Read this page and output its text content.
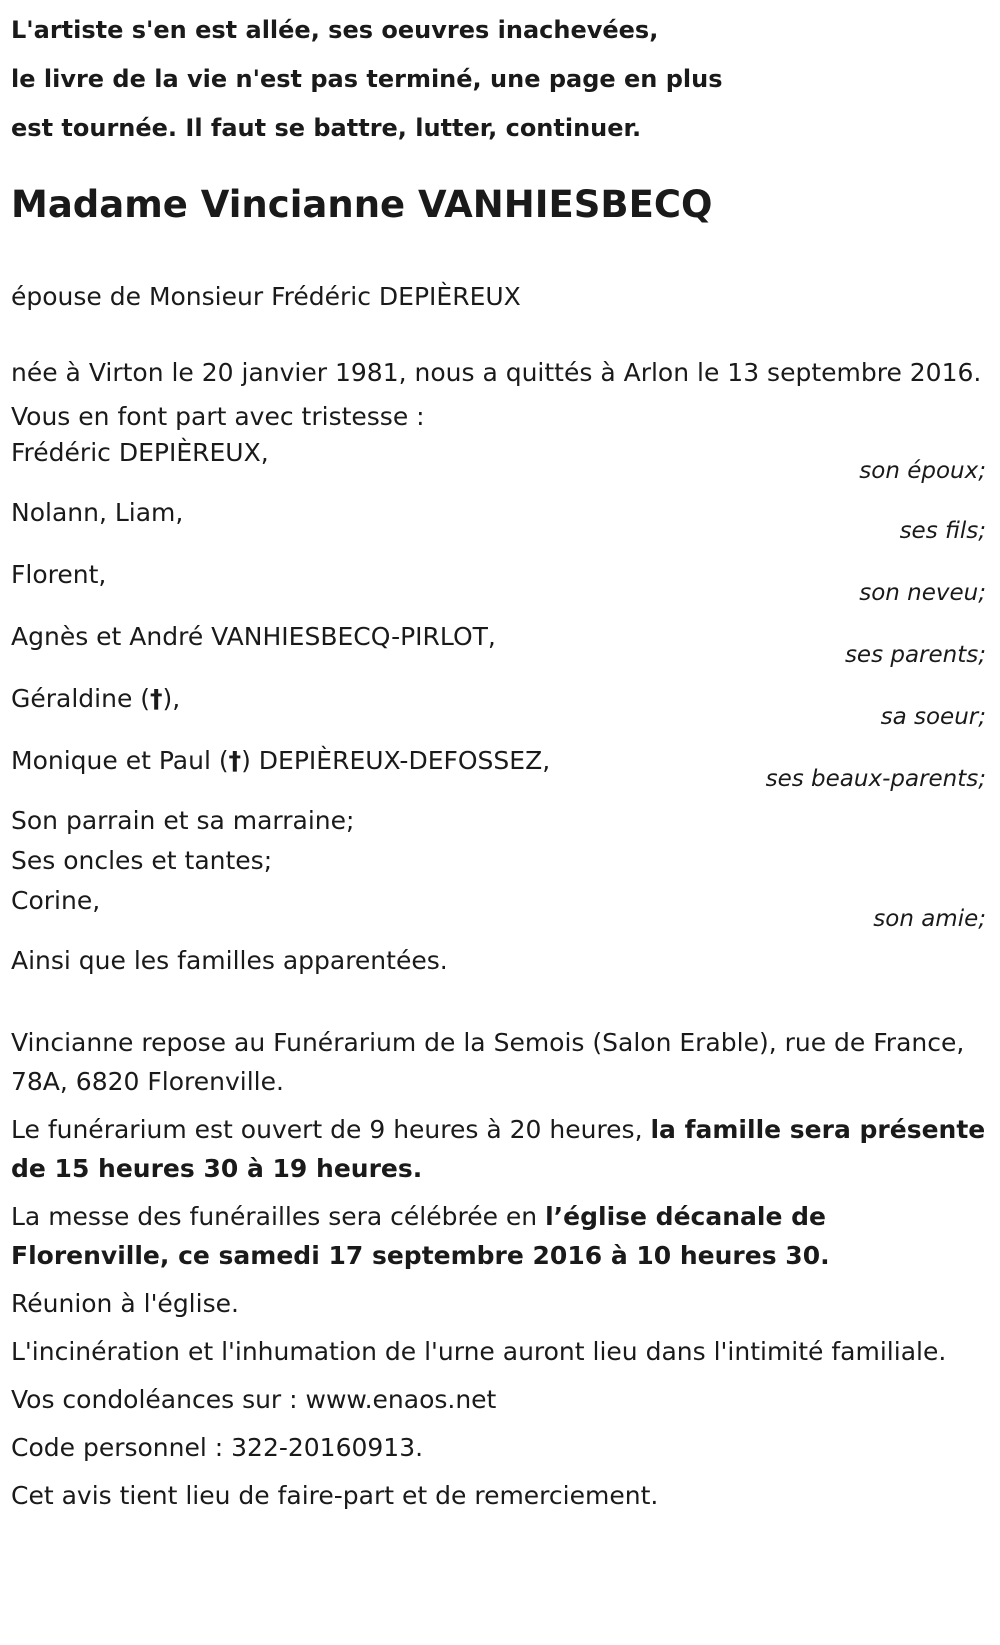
L'artiste s'en est allée, ses oeuvres inachevées,
le livre de la vie n'est pas terminé, une page en plus
est tournée. Il faut se battre, lutter, continuer.
Madame Vincianne VANHIESBECQ
épouse de Monsieur Frédéric DEPIÈREUX
née à Virton le 20 janvier 1981, nous a quittés à Arlon le 13 septembre 2016.
Vous en font part avec tristesse :
Frédéric DEPIÈREUX,
son époux;
Nolann, Liam,
ses fils;
Florent,
son neveu;
Agnès et André VANHIESBECQ-PIRLOT,
ses parents;
Géraldine (†),
sa soeur;
Monique et Paul (†) DEPIÈREUX-DEFOSSEZ,
ses beaux-parents;
Son parrain et sa marraine;
Ses oncles et tantes;
Corine,
son amie;
Ainsi que les familles apparentées.
Vincianne repose au Funérarium de la Semois (Salon Erable), rue de France, 78A, 6820 Florenville.
Le funérarium est ouvert de 9 heures à 20 heures, la famille sera présente de 15 heures 30 à 19 heures.
La messe des funérailles sera célébrée en l’église décanale de Florenville, ce samedi 17 septembre 2016 à 10 heures 30.
Réunion à l'église.
L'incinération et l'inhumation de l'urne auront lieu dans l'intimité familiale.
Vos condoléances sur : www.enaos.net
Code personnel : 322-20160913.
Cet avis tient lieu de faire-part et de remerciement.
